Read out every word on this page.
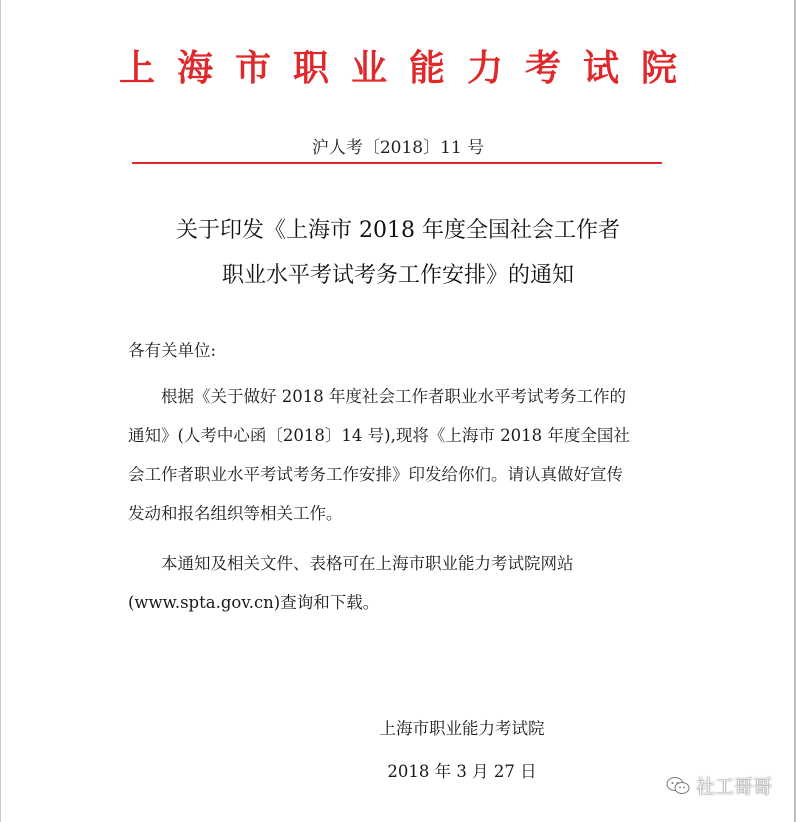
上海市职业能力考试院
沪人考〔2018〕11 号
关于印发《上海市 2018 年度全国社会工作者
职业水平考试考务工作安排》的通知
各有关单位:
根据《关于做好 2018 年度社会工作者职业水平考试考务工作的
通知》(人考中心函〔2018〕14 号),现将《上海市 2018 年度全国社
会工作者职业水平考试考务工作安排》印发给你们。请认真做好宣传
发动和报名组织等相关工作。
本通知及相关文件、表格可在上海市职业能力考试院网站
(www.spta.gov.cn)查询和下载。
上海市职业能力考试院
2018 年 3 月 27 日
社工哥哥
